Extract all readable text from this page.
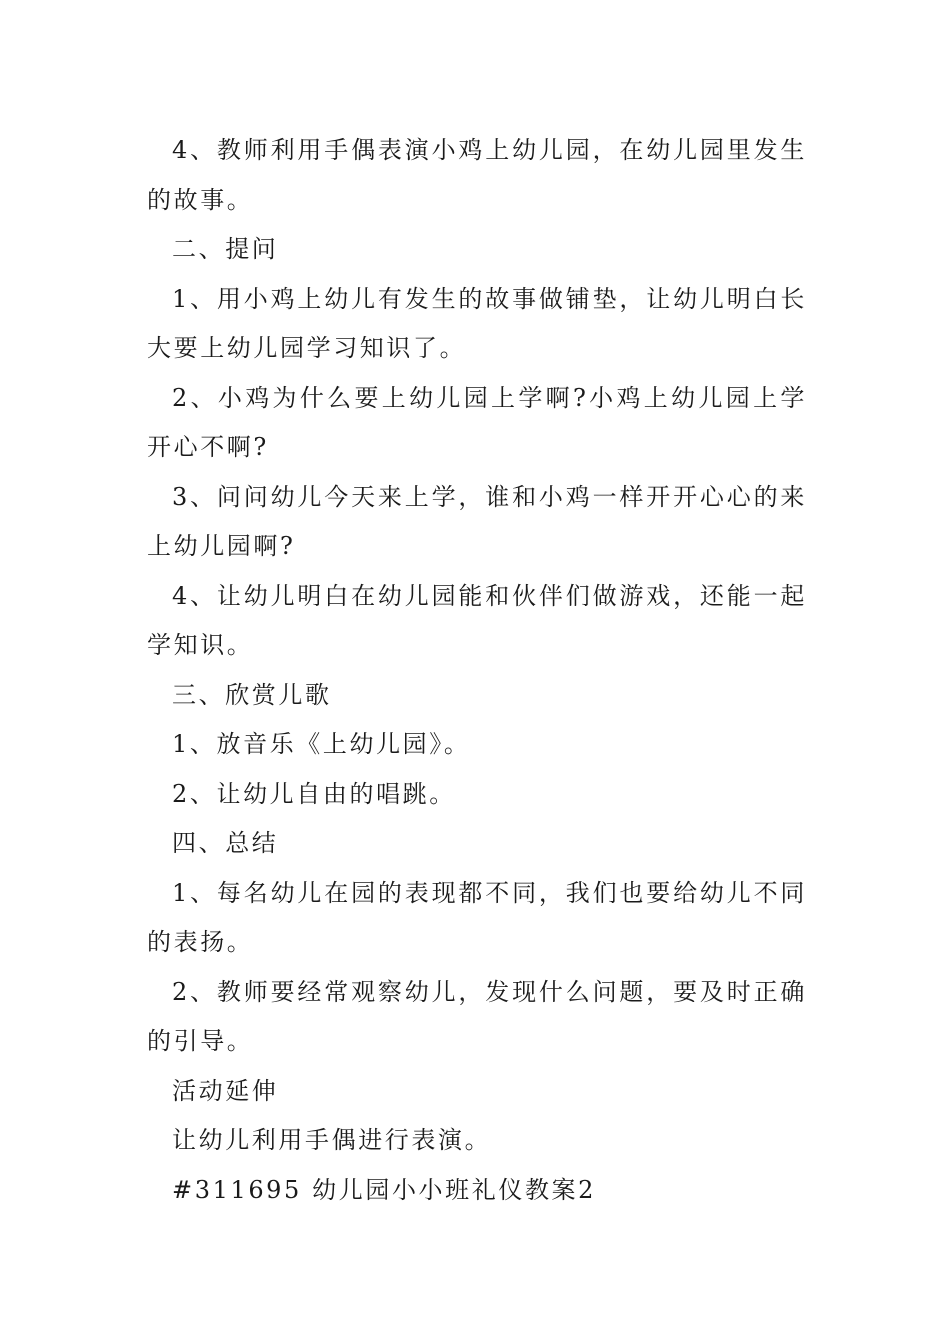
4、教师利用手偶表演小鸡上幼儿园，在幼儿园里发生的故事。

二、提问

1、用小鸡上幼儿有发生的故事做铺垫，让幼儿明白长大要上幼儿园学习知识了。

2、小鸡为什么要上幼儿园上学啊?小鸡上幼儿园上学开心不啊?

3、问问幼儿今天来上学，谁和小鸡一样开开心心的来上幼儿园啊?

4、让幼儿明白在幼儿园能和伙伴们做游戏，还能一起学知识。

三、欣赏儿歌

1、放音乐《上幼儿园》。

2、让幼儿自由的唱跳。

四、总结

1、每名幼儿在园的表现都不同，我们也要给幼儿不同的表扬。

2、教师要经常观察幼儿，发现什么问题，要及时正确的引导。

活动延伸

让幼儿利用手偶进行表演。

#311695 幼儿园小小班礼仪教案2
